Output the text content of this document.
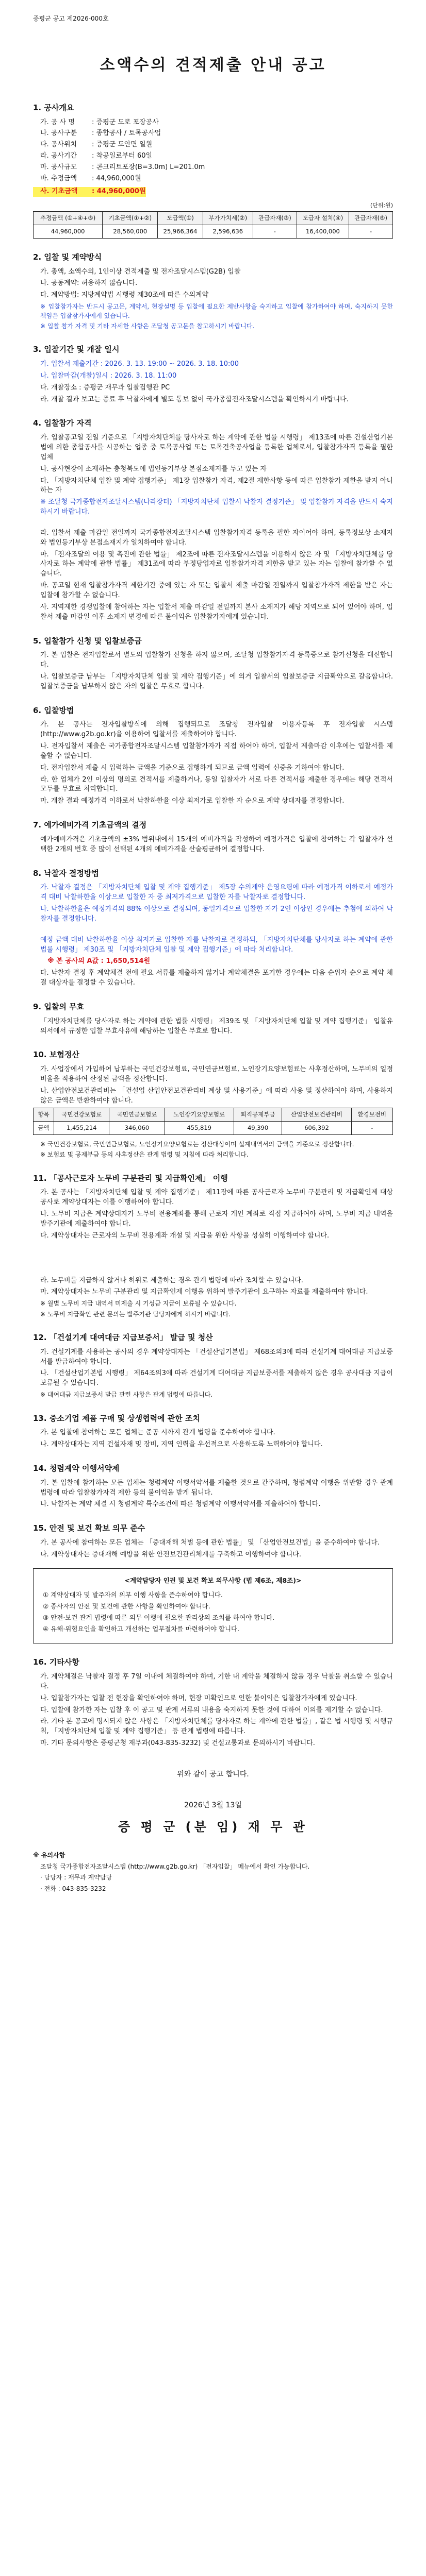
증평군 공고 제2026-000호
소액수의 견적제출 안내 공고
1. 공사개요
가. 공 사 명	: 증평군 도로 포장공사
나. 공사구분 : 종합공사 / 토목공사업
다. 공사위치 : 증평군 도안면 일원
라. 공사기간 : 착공일로부터 60일
마. 공사규모 : 콘크리트포장(B=3.0m) L=201.0m
바. 추정금액 : 44,960,000원
사. 기초금액 : 44,960,000원

(단위:원)
추정금액 (①+④+⑤)	기초금액(①+②)	도급액(①)	부가가치세(②)	관급자재(③)	도급자 설치(④)	관급자재(⑤)
44,960,000	28,560,000	25,966,364	2,596,636	-	16,400,000	-
2. 입찰 및 계약방식

가. 총액, 소액수의, 1인이상 견적제출 및 전자조달시스템(G2B) 입찰

나. 공동계약: 허용하지 않습니다.

다. 계약방법: 지방계약법 시행령 제30조에 따른 수의계약

※ 입찰참가자는 반드시 공고문, 계약서, 현장설명 등 입찰에 필요한 제반사항을 숙지하고 입찰에 참가하여야 하며, 숙지하지 못한 책임은 입찰참가자에게 있습니다.

※ 입찰 참가 자격 및 기타 자세한 사항은 조달청 공고문을 참고하시기 바랍니다.

3. 입찰기간 및 개찰 일시

가. 입찰서 제출기간 : 2026. 3. 13. 19:00 ~ 2026. 3. 18. 10:00

나. 입찰마감(개찰)일시 : 2026. 3. 18. 11:00

다. 개찰장소 : 증평군 재무과 입찰집행관 PC

라. 개찰 결과 보고는 종료 후 낙찰자에게 별도 통보 없이 국가종합전자조달시스템을 확인하시기 바랍니다.

4. 입찰참가 자격

가. 입찰공고일 전일 기준으로 「지방자치단체를 당사자로 하는 계약에 관한 법률 시행령」 제13조에 따른 건설산업기본법에 의한 종합공사를 시공하는 업종 중 토목공사업 또는 토목건축공사업을 등록한 업체로서, 입찰참가자격 등록을 필한 업체

나. 공사현장이 소재하는 충청북도에 법인등기부상 본점소재지를 두고 있는 자

다. 「지방자치단체 입찰 및 계약 집행기준」 제1장 입찰참가 자격, 제2절 제한사항 등에 따른 입찰참가 제한을 받지 아니하는 자

※ 조달청 국가종합전자조달시스템(나라장터) 「지방자치단체 입찰시 낙찰자 결정기준」 및 입찰참가 자격을 반드시 숙지하시기 바랍니다.

라. 입찰서 제출 마감일 전일까지 국가종합전자조달시스템 입찰참가자격 등록을 필한 자이어야 하며, 등록정보상 소재지와 법인등기부상 본점소재지가 일치하여야 합니다.

마. 「전자조달의 이용 및 촉진에 관한 법률」 제2조에 따른 전자조달시스템을 이용하지 않은 자 및 「지방자치단체를 당사자로 하는 계약에 관한 법률」 제31조에 따라 부정당업자로 입찰참가자격 제한을 받고 있는 자는 입찰에 참가할 수 없습니다.

바. 공고일 현재 입찰참가자격 제한기간 중에 있는 자 또는 입찰서 제출 마감일 전일까지 입찰참가자격 제한을 받은 자는 입찰에 참가할 수 없습니다.

사. 지역제한 경쟁입찰에 참여하는 자는 입찰서 제출 마감일 전일까지 본사 소재지가 해당 지역으로 되어 있어야 하며, 입찰서 제출 마감일 이후 소재지 변경에 따른 불이익은 입찰참가자에게 있습니다.

5. 입찰참가 신청 및 입찰보증금

가. 본 입찰은 전자입찰로서 별도의 입찰참가 신청을 하지 않으며, 조달청 입찰참가자격 등록증으로 참가신청을 대신합니다.

나. 입찰보증금 납부는 「지방자치단체 입찰 및 계약 집행기준」에 의거 입찰서의 입찰보증금 지급확약으로 갈음합니다. 입찰보증금을 납부하지 않은 자의 입찰은 무효로 합니다.

6. 입찰방법

가. 본 공사는 전자입찰방식에 의해 집행되므로 조달청 전자입찰 이용자등록 후 전자입찰 시스템(http://www.g2b.go.kr)을 이용하여 입찰서를 제출하여야 합니다.

나. 전자입찰서 제출은 국가종합전자조달시스템 입찰참가자가 직접 하여야 하며, 입찰서 제출마감 이후에는 입찰서를 제출할 수 없습니다.

다. 전자입찰서 제출 시 입력하는 금액을 기준으로 집행하게 되므로 금액 입력에 신중을 기하여야 합니다.

라. 한 업체가 2인 이상의 명의로 견적서를 제출하거나, 동일 입찰자가 서로 다른 견적서를 제출한 경우에는 해당 견적서 모두를 무효로 처리합니다.

마. 개찰 결과 예정가격 이하로서 낙찰하한율 이상 최저가로 입찰한 자 순으로 계약 상대자를 결정합니다.

7. 예가예비가격 기초금액의 결정

예가예비가격은 기초금액의 ±3% 범위내에서 15개의 예비가격을 작성하여 예정가격은 입찰에 참여하는 각 입찰자가 선택한 2개의 번호 중 많이 선택된 4개의 예비가격을 산술평균하여 결정합니다.

8. 낙찰자 결정방법

가. 낙찰자 결정은 「지방자치단체 입찰 및 계약 집행기준」 제5장 수의계약 운영요령에 따라 예정가격 이하로서 예정가격 대비 낙찰하한율 이상으로 입찰한 자 중 최저가격으로 입찰한 자를 낙찰자로 결정합니다.

나. 낙찰하한율은 예정가격의 88% 이상으로 결정되며, 동일가격으로 입찰한 자가 2인 이상인 경우에는 추첨에 의하여 낙찰자를 결정합니다.

예정 금액 대비 낙찰하한율 이상 최저가로 입찰한 자를 낙찰자로 결정하되, 「지방자치단체를 당사자로 하는 계약에 관한 법률 시행령」 제30조 및 「지방자치단체 입찰 및 계약 집행기준」에 따라 처리합니다.

※ 본 공사의 A값 : 1,650,514원

다. 낙찰자 결정 후 계약체결 전에 필요 서류를 제출하지 않거나 계약체결을 포기한 경우에는 다음 순위자 순으로 계약 체결 대상자를 결정할 수 있습니다.

9. 입찰의 무효

「지방자치단체를 당사자로 하는 계약에 관한 법률 시행령」 제39조 및 「지방자치단체 입찰 및 계약 집행기준」 입찰유의서에서 규정한 입찰 무효사유에 해당하는 입찰은 무효로 합니다.

10. 보험정산

가. 사업장에서 가입하여 납부하는 국민건강보험료, 국민연금보험료, 노인장기요양보험료는 사후정산하며, 노무비의 일정 비율을 적용하여 산정된 금액을 정산합니다.

나. 산업안전보건관리비는 「건설업 산업안전보건관리비 계상 및 사용기준」에 따라 사용 및 정산하여야 하며, 사용하지 않은 금액은 반환하여야 합니다.

항목	국민건강보험료	국민연금보험료	노인장기요양보험료	퇴직공제부금	산업안전보건관리비	환경보전비
금액	1,455,214	346,060	455,819	49,390	606,392	-

※ 국민건강보험료, 국민연금보험료, 노인장기요양보험료는 정산대상이며 설계내역서의 금액을 기준으로 정산합니다.

※ 보험료 및 공제부금 등의 사후정산은 관계 법령 및 지침에 따라 처리합니다.

11. 「공사근로자 노무비 구분관리 및 지급확인제」 이행

가. 본 공사는 「지방자치단체 입찰 및 계약 집행기준」 제11장에 따른 공사근로자 노무비 구분관리 및 지급확인제 대상 공사로 계약상대자는 이를 이행하여야 합니다.

나. 노무비 지급은 계약상대자가 노무비 전용계좌를 통해 근로자 개인 계좌로 직접 지급하여야 하며, 노무비 지급 내역을 발주기관에 제출하여야 합니다.

다. 계약상대자는 근로자의 노무비 전용계좌 개설 및 지급을 위한 사항을 성실히 이행하여야 합니다.

라. 노무비를 지급하지 않거나 허위로 제출하는 경우 관계 법령에 따라 조치할 수 있습니다.

마. 계약상대자는 노무비 구분관리 및 지급확인제 이행을 위하여 발주기관이 요구하는 자료를 제출하여야 합니다.

※ 월별 노무비 지급 내역서 미제출 시 기성금 지급이 보류될 수 있습니다.

※ 노무비 지급확인 관련 문의는 발주기관 담당자에게 하시기 바랍니다.

12. 「건설기계 대여대금 지급보증서」 발급 및 청산

가. 건설기계를 사용하는 공사의 경우 계약상대자는 「건설산업기본법」 제68조의3에 따라 건설기계 대여대금 지급보증서를 발급하여야 합니다.

나. 「건설산업기본법 시행령」 제64조의3에 따라 건설기계 대여대금 지급보증서를 제출하지 않은 경우 공사대금 지급이 보류될 수 있습니다.

※ 대여대금 지급보증서 발급 관련 사항은 관계 법령에 따릅니다.

13. 중소기업 제품 구매 및 상생협력에 관한 조치

가. 본 입찰에 참여하는 모든 업체는 준공 시까지 관계 법령을 준수하여야 합니다.

나. 계약상대자는 지역 건설자재 및 장비, 지역 인력을 우선적으로 사용하도록 노력하여야 합니다.

14. 청렴계약 이행서약제

가. 본 입찰에 참가하는 모든 업체는 청렴계약 이행서약서를 제출한 것으로 간주하며, 청렴계약 이행을 위반할 경우 관계 법령에 따라 입찰참가자격 제한 등의 불이익을 받게 됩니다.

나. 낙찰자는 계약 체결 시 청렴계약 특수조건에 따른 청렴계약 이행서약서를 제출하여야 합니다.

15. 안전 및 보건 확보 의무 준수

가. 본 공사에 참여하는 모든 업체는 「중대재해 처벌 등에 관한 법률」 및 「산업안전보건법」을 준수하여야 합니다.

나. 계약상대자는 중대재해 예방을 위한 안전보건관리체계를 구축하고 이행하여야 합니다.

<계약담당자 인권 및 보건 확보 의무사항 (법 제6조, 제8조)>

① 계약상대자 및 발주자의 의무 이행 사항을 준수하여야 합니다.

② 종사자의 안전 및 보건에 관한 사항을 확인하여야 합니다.

③ 안전·보건 관계 법령에 따른 의무 이행에 필요한 관리상의 조치를 하여야 합니다.

④ 유해·위험요인을 확인하고 개선하는 업무절차를 마련하여야 합니다.

16. 기타사항

가. 계약체결은 낙찰자 결정 후 7일 이내에 체결하여야 하며, 기한 내 계약을 체결하지 않을 경우 낙찰을 취소할 수 있습니다.

나. 입찰참가자는 입찰 전 현장을 확인하여야 하며, 현장 미확인으로 인한 불이익은 입찰참가자에게 있습니다.

다. 입찰에 참가한 자는 입찰 후 이 공고 및 관계 서류의 내용을 숙지하지 못한 것에 대하여 이의를 제기할 수 없습니다.

라. 기타 본 공고에 명시되지 않은 사항은 「지방자치단체를 당사자로 하는 계약에 관한 법률」, 같은 법 시행령 및 시행규칙, 「지방자치단체 입찰 및 계약 집행기준」 등 관계 법령에 따릅니다.

마. 기타 문의사항은 증평군청 재무과(043-835-3232) 및 건설교통과로 문의하시기 바랍니다.

위와 같이 공고 합니다.
2026년 3월 13일
증 평 군 (분 임) 재 무 관

※ 유의사항

조달청 국가종합전자조달시스템 (http://www.g2b.go.kr) 「전자입찰」 메뉴에서 확인 가능합니다.

· 담당자 : 재무과 계약담당

· 전화 : 043-835-3232
